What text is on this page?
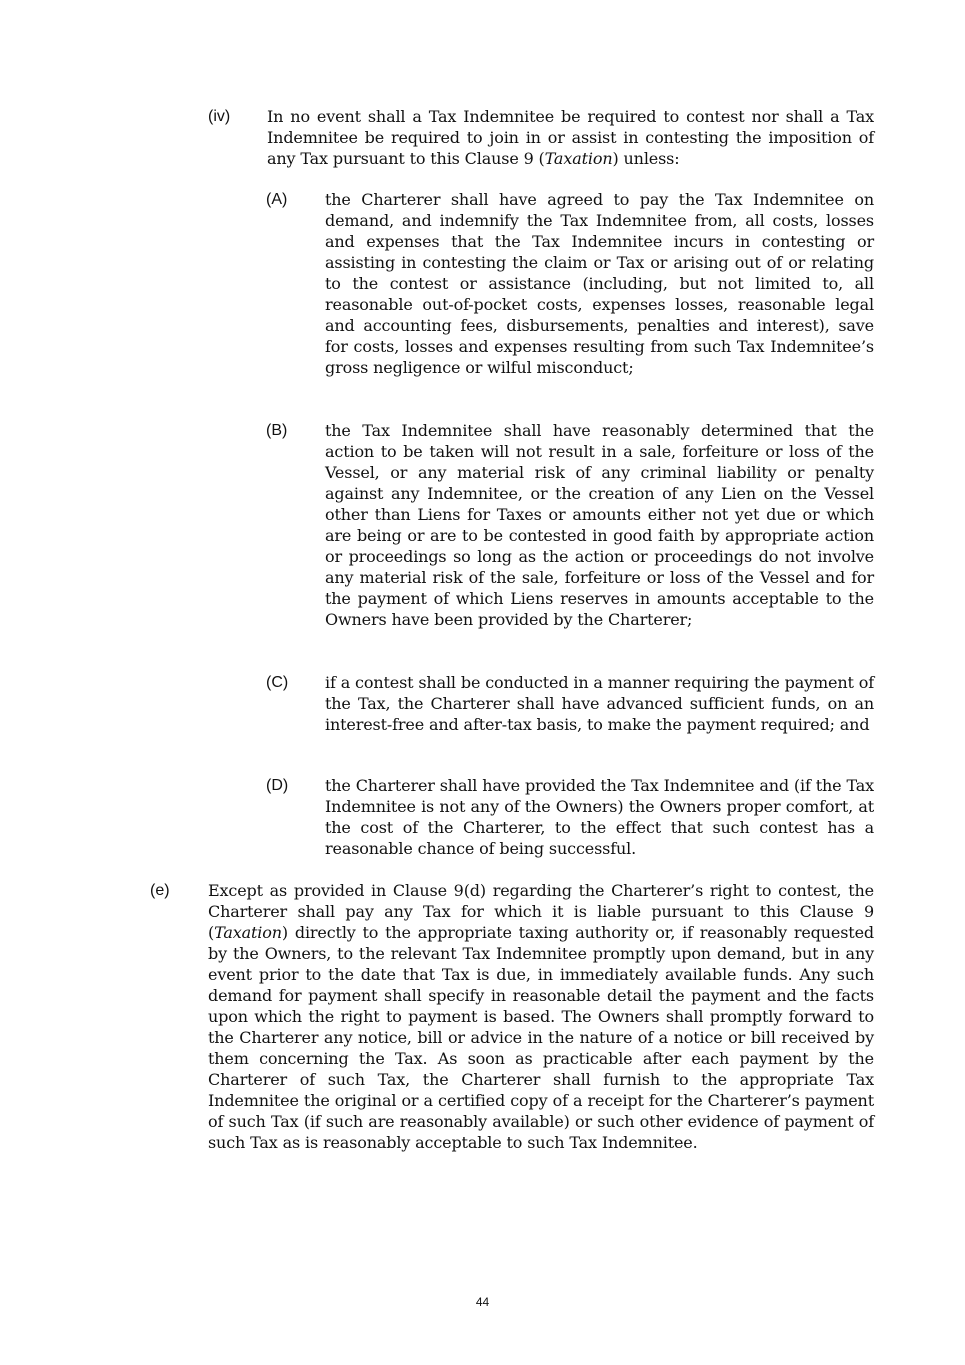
(iv) In no event shall a Tax Indemnitee be required to contest nor shall a Tax Indemnitee be required to join in or assist in contesting the imposition of any Tax pursuant to this Clause 9 (Taxation) unless:
(A) the Charterer shall have agreed to pay the Tax Indemnitee on demand, and indemnify the Tax Indemnitee from, all costs, losses and expenses that the Tax Indemnitee incurs in contesting or assisting in contesting the claim or Tax or arising out of or relating to the contest or assistance (including, but not limited to, all reasonable out-of-pocket costs, expenses losses, reasonable legal and accounting fees, disbursements, penalties and interest), save for costs, losses and expenses resulting from such Tax Indemnitee’s gross negligence or wilful misconduct;
(B) the Tax Indemnitee shall have reasonably determined that the action to be taken will not result in a sale, forfeiture or loss of the Vessel, or any material risk of any criminal liability or penalty against any Indemnitee, or the creation of any Lien on the Vessel other than Liens for Taxes or amounts either not yet due or which are being or are to be contested in good faith by appropriate action or proceedings so long as the action or proceedings do not involve any material risk of the sale, forfeiture or loss of the Vessel and for the payment of which Liens reserves in amounts acceptable to the Owners have been provided by the Charterer;
(C) if a contest shall be conducted in a manner requiring the payment of the Tax, the Charterer shall have advanced sufficient funds, on an interest-free and after-tax basis, to make the payment required; and
(D) the Charterer shall have provided the Tax Indemnitee and (if the Tax Indemnitee is not any of the Owners) the Owners proper comfort, at the cost of the Charterer, to the effect that such contest has a reasonable chance of being successful.
(e) Except as provided in Clause 9(d) regarding the Charterer’s right to contest, the Charterer shall pay any Tax for which it is liable pursuant to this Clause 9 (Taxation) directly to the appropriate taxing authority or, if reasonably requested by the Owners, to the relevant Tax Indemnitee promptly upon demand, but in any event prior to the date that Tax is due, in immediately available funds. Any such demand for payment shall specify in reasonable detail the payment and the facts upon which the right to payment is based. The Owners shall promptly forward to the Charterer any notice, bill or advice in the nature of a notice or bill received by them concerning the Tax. As soon as practicable after each payment by the Charterer of such Tax, the Charterer shall furnish to the appropriate Tax Indemnitee the original or a certified copy of a receipt for the Charterer’s payment of such Tax (if such are reasonably available) or such other evidence of payment of such Tax as is reasonably acceptable to such Tax Indemnitee.
44
